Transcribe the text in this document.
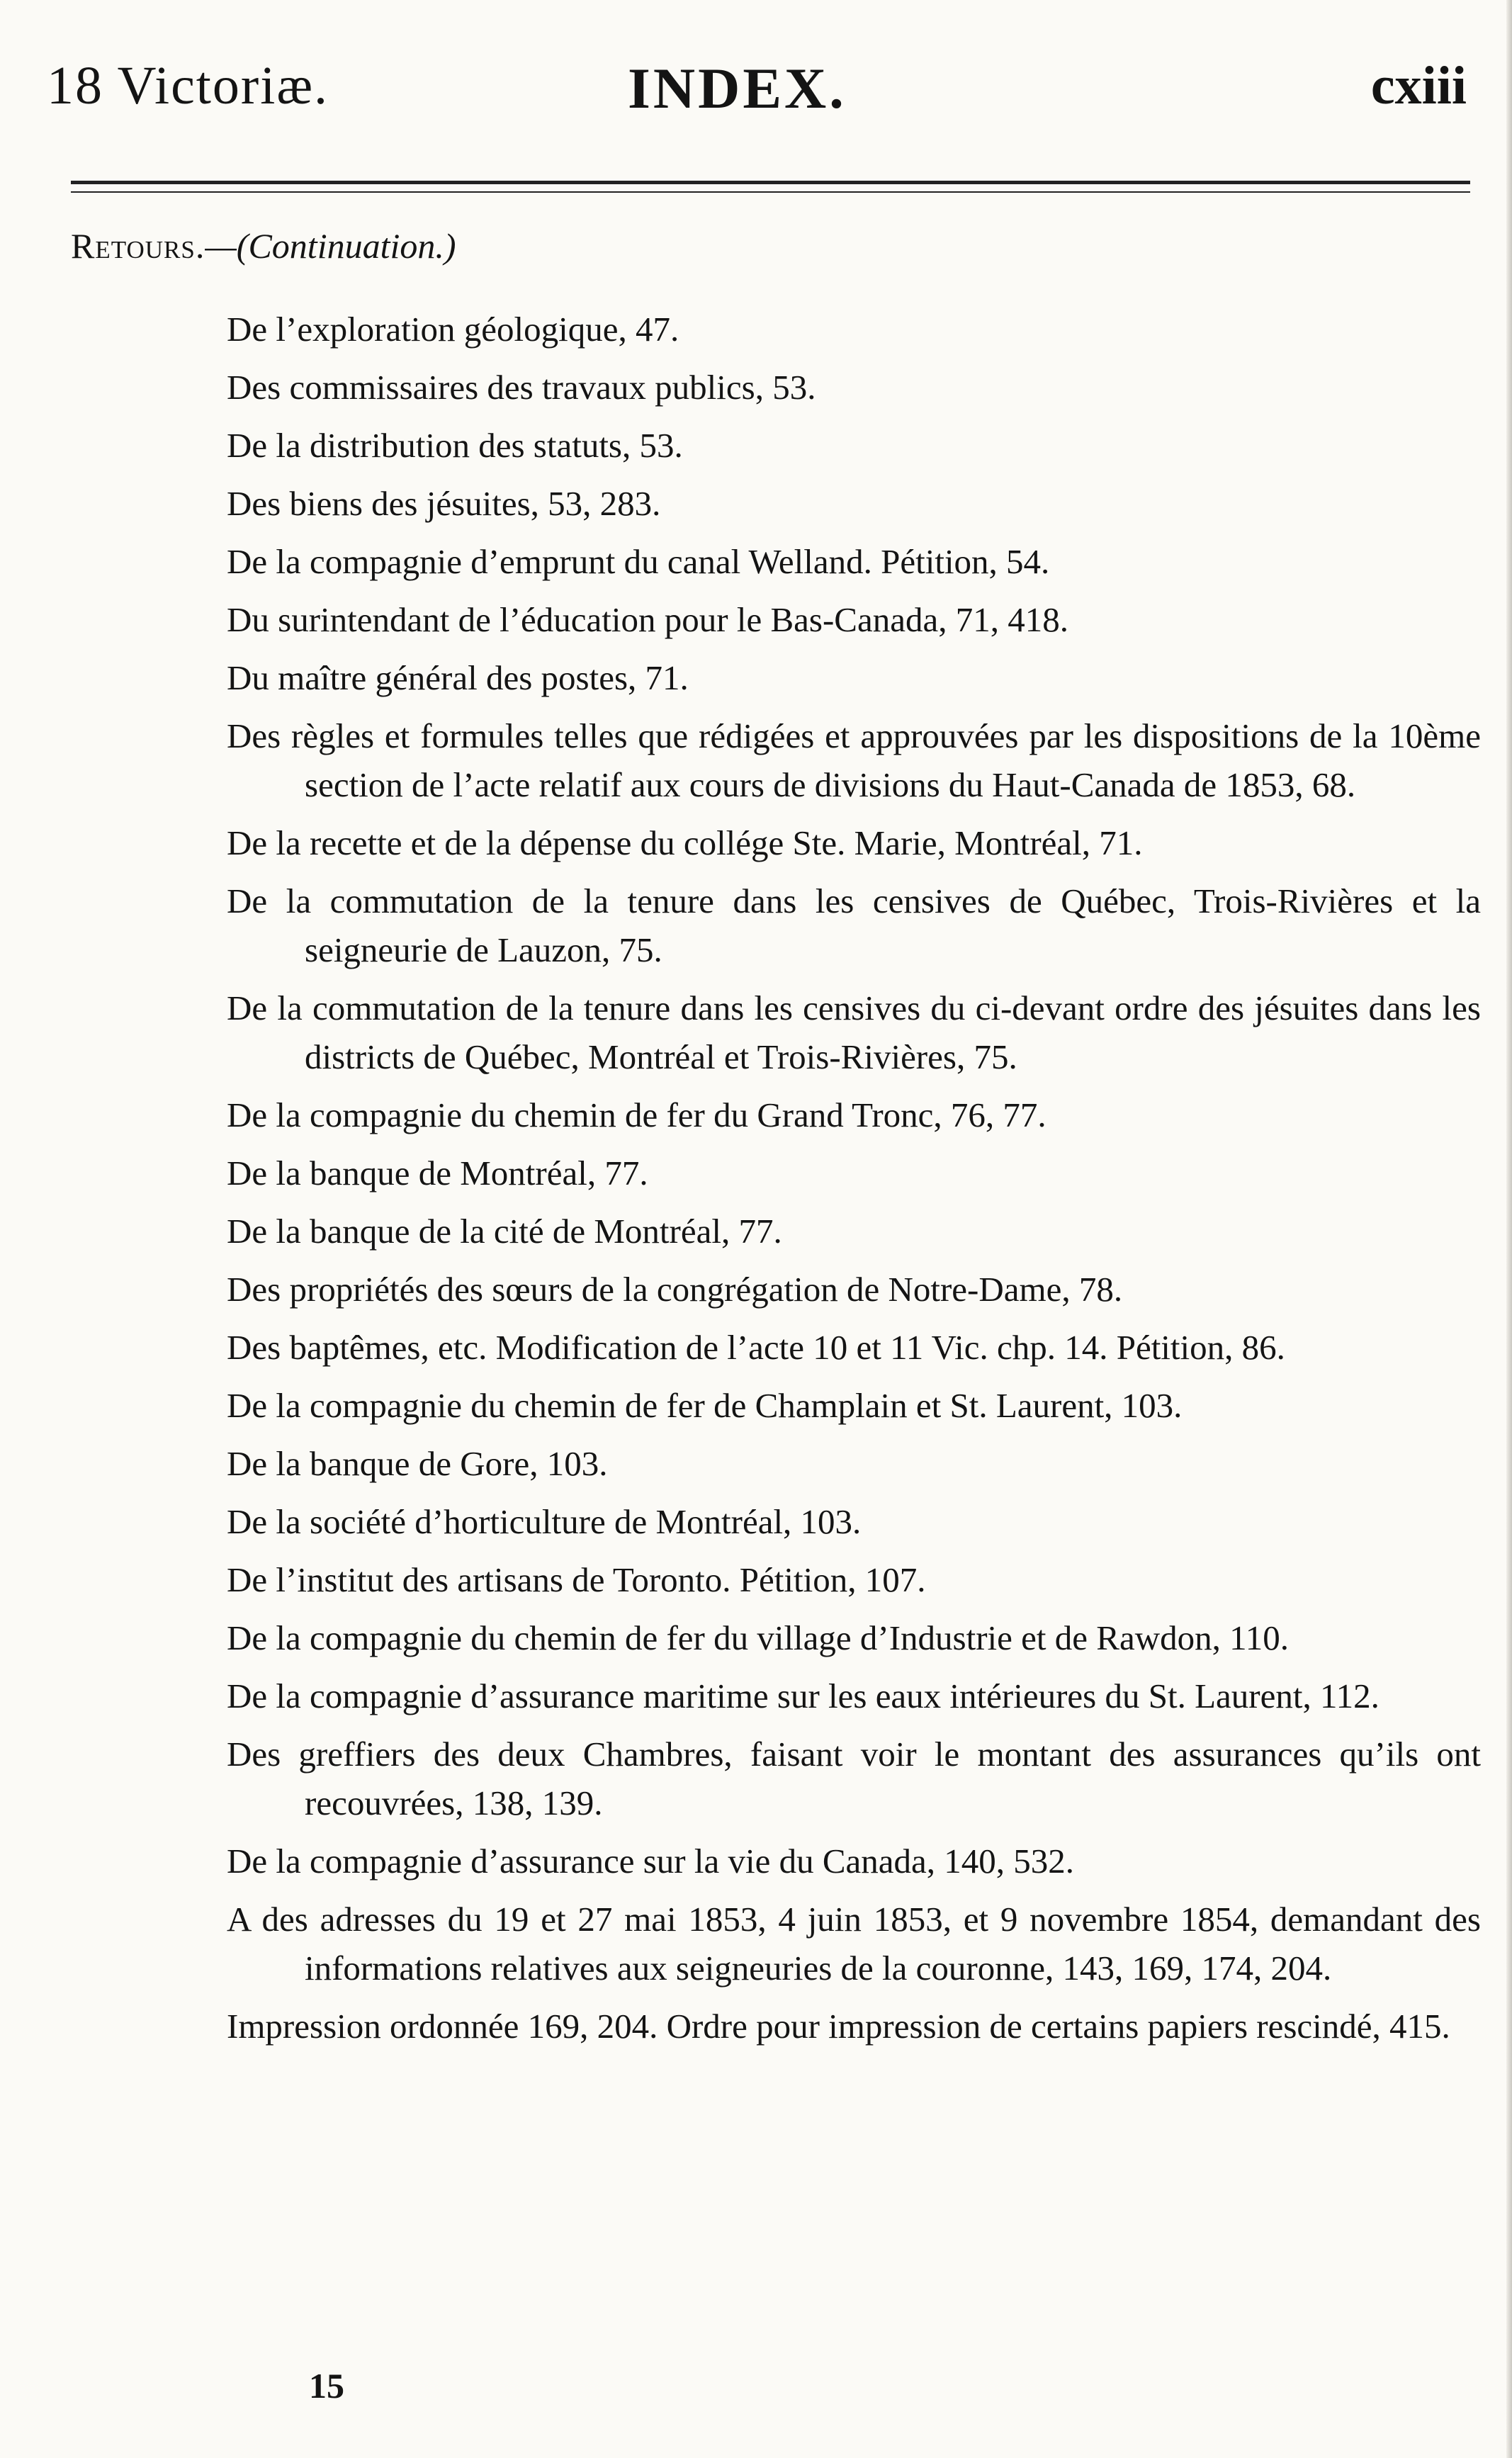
18 Victoriæ.	INDEX.	cxiii
Retours.—(Continuation.)
De l’exploration géologique, 47.
Des commissaires des travaux publics, 53.
De la distribution des statuts, 53.
Des biens des jésuites, 53, 283.
De la compagnie d’emprunt du canal Welland. Pétition, 54.
Du surintendant de l’éducation pour le Bas-Canada, 71, 418.
Du maître général des postes, 71.
Des règles et formules telles que rédigées et approuvées par les dispositions de la 10ème section de l’acte relatif aux cours de divisions du Haut-Canada de 1853, 68.
De la recette et de la dépense du collége Ste. Marie, Montréal, 71.
De la commutation de la tenure dans les censives de Québec, Trois-Rivières et la seigneurie de Lauzon, 75.
De la commutation de la tenure dans les censives du ci-devant ordre des jésuites dans les districts de Québec, Montréal et Trois-Rivières, 75.
De la compagnie du chemin de fer du Grand Tronc, 76, 77.
De la banque de Montréal, 77.
De la banque de la cité de Montréal, 77.
Des propriétés des sœurs de la congrégation de Notre-Dame, 78.
Des baptêmes, etc. Modification de l’acte 10 et 11 Vic. chp. 14. Pétition, 86.
De la compagnie du chemin de fer de Champlain et St. Laurent, 103.
De la banque de Gore, 103.
De la société d’horticulture de Montréal, 103.
De l’institut des artisans de Toronto. Pétition, 107.
De la compagnie du chemin de fer du village d’Industrie et de Rawdon, 110.
De la compagnie d’assurance maritime sur les eaux intérieures du St. Laurent, 112.
Des greffiers des deux Chambres, faisant voir le montant des assurances qu’ils ont recouvrées, 138, 139.
De la compagnie d’assurance sur la vie du Canada, 140, 532.
A des adresses du 19 et 27 mai 1853, 4 juin 1853, et 9 novembre 1854, demandant des informations relatives aux seigneuries de la couronne, 143, 169, 174, 204.
Impression ordonnée 169, 204. Ordre pour impression de certains papiers rescindé, 415.
15
